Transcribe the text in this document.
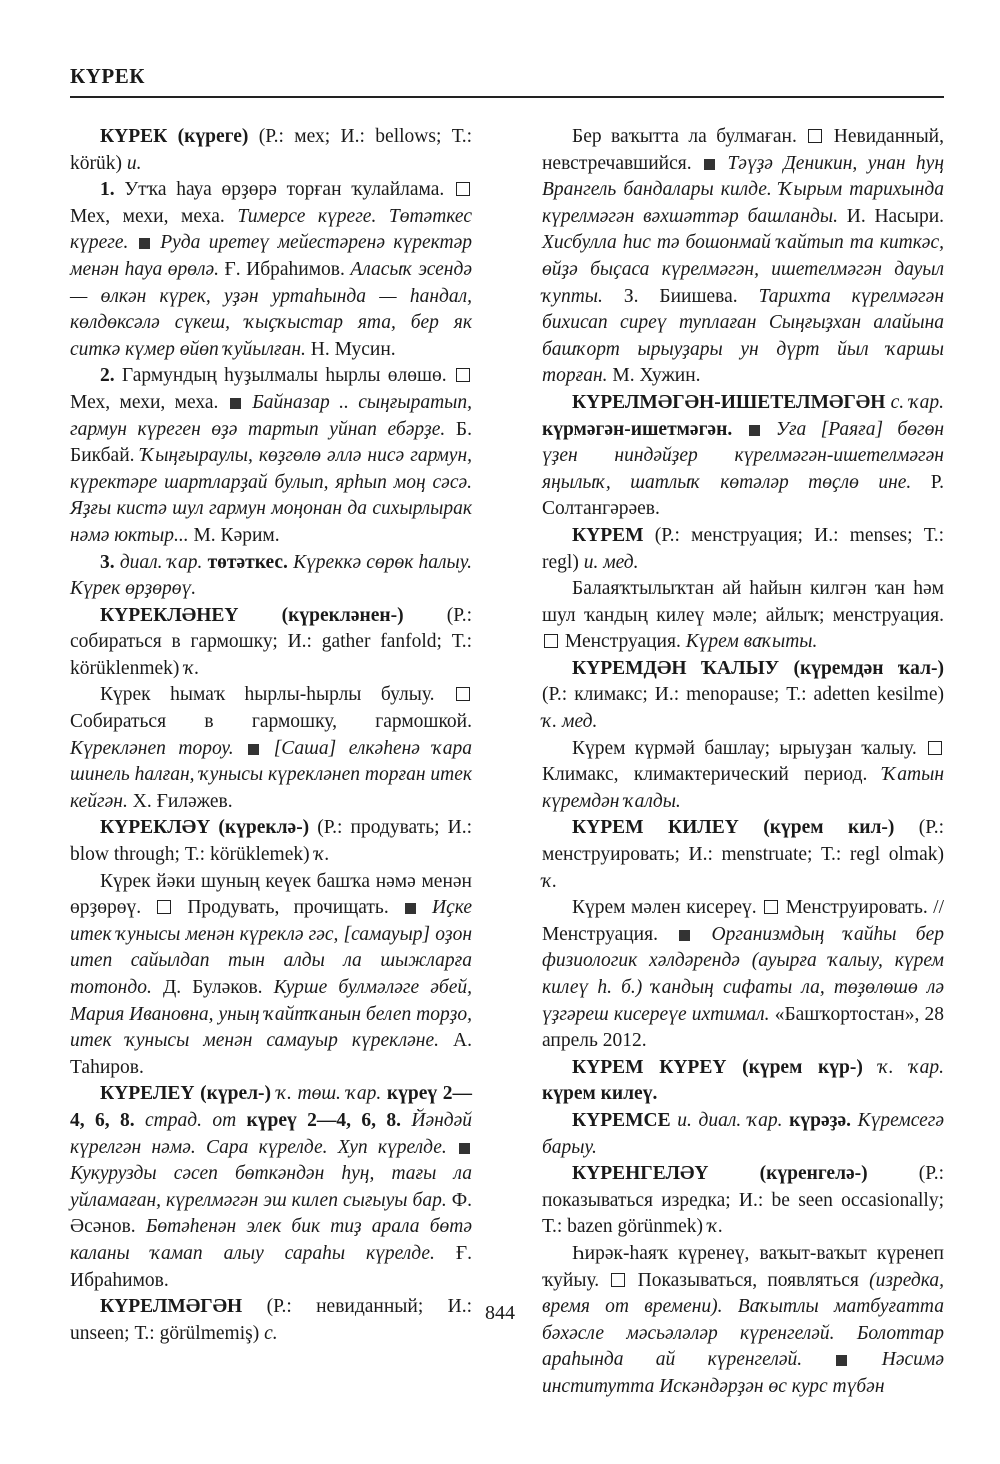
КҮРЕК

КҮРЕК (күреге) (Р.: мех; И.: bellows; Т.: körük) и.

1. Утҡа һауа өрҙөрә торған ҡулайлама.  Мех, мехи, меха. Тимерсе күреге. Төтәткес күреге. Руда иретеү мейестәренә күректәр менән һауа өрөлә. Ғ. Ибраһимов. Аласыҡ эсендә — өлкән күрек, уҙән уртаһында — һандал, көлдөксәлә сүкеш, ҡыҫҡыстар ята, бер як ситкә күмер өйөп ҡуйылған. Н. Мусин.

2. Гармундың һуҙылмалы һырлы өлөшө.  Мех, мехи, меха.  Байназар .. сыңғыратып, гармун күреген өҙә тартып уйнап ебәрҙе. Б. Бикбай. Ҡыңғыраулы, көҙгөлө әллә нисә гармун, күректәре шартларҙай булып, ярһып моң сәсә. Яҙғы кистә шул гармун моңонан да сихырлырак нәмә юктыр... М. Кәрим.

3. диал. ҡар. төтәткес. Күреккә сөрөк һалыу. Күрек өрҙөрөү.

КҮРЕКЛӘНЕҮ (күрекләнен-) (Р.: собираться в гармошку; И.: gather fanfold; Т.: körüklenmek) ҡ.

Күрек һымаҡ һырлы-һырлы булыу.  Собираться в гармошку, гармошкой. Күрекләнеп тороу. [Саша] елкәһенә ҡара шинель һалған, ҡунысы күрекләнеп торған итек кейгән. Х. Ғиләжев.

КҮРЕКЛӘҮ (күреклә-) (Р.: продувать; И.: blow through; Т.: körüklemek) ҡ.

Күрек йәки шуның кеүек башҡа нәмә менән өрҙөрөү.  Продувать, прочищать.  Иҫке итек ҡунысы менән күреклә гәс, [самауыр] оҙон итеп сайылдап тын алды ла шыжларға тотондо. Д. Буләков. Курше булмәләге әбей, Мария Ивановна, уның ҡайтҡанын белеп торҙо, итек ҡунысы менән самауыр күрекләне. А. Таһиров.

КҮРЕЛЕҮ (күрел-) ҡ. төш. ҡар. күреү 2—4, 6, 8. страд. от күреү 2—4, 6, 8. Йәндәй күрелгән нәмә. Сара күрелде. Хуп күрелде.  Кукурузды сәсеп бөткәндән һуң, тағы ла уйламаған, күрелмәгән эш килеп сығыуы бар. Ф. Әсәнов. Бөтәһенән элек бик тиҙ арала бөтә каланы ҡамап алыу сараһы күрелде. Ғ. Ибраһимов.

КҮРЕЛМӘГӘН (Р.: невиданный; И.: unseen; Т.: görülmemiş) с.

Бер ваҡытта ла булмаған.  Невиданный, невстречавшийся.  Тәүҙә Деникин, унан һуң Врангель бандалары килде. Ҡырым тарихында күрелмәгән вәхшәттәр башланды. И. Насыри. Хисбулла һис тә бошонмай ҡайтып та киткәс, өйҙә быҫаса күрелмәгән, ишетелмәгән дауыл ҡупты. З. Биишева. Тарихта күрелмәгән бихисап сиреү туплаған Сыңғыҙхан алайына башҡорт ырыуҙары ун дүрт йыл ҡаршы торған. М. Хужин.

КҮРЕЛМӘГӘН-ИШЕТЕЛМӘГӘН с. ҡар. күрмәгән-ишетмәгән. Уға [Раяға] бөгөн үҙен ниндәйҙер күрелмәгән-ишетелмәгән яңылыҡ, шатлыҡ көтәләр төҫлө ине. Р. Солтангәрәев.

КҮРЕМ (Р.: менструация; И.: menses; Т.: regl) и. мед.

Балаяҡтылыҡтан ай һайын килгән ҡан һәм шул ҡандың килеү мәле; айлыҡ; менструация.  Менструация. Күрем ваҡыты.

КҮРЕМДӘН ҠАЛЫУ (күремдән ҡал-) (Р.: климакс; И.: menopause; Т.: adetten kesilme) ҡ. мед.

Күрем күрмәй башлау; ырыуҙан ҡалыу.  Климакс, климактерический период. Ҡатын күремдән ҡалды.

КҮРЕМ КИЛЕҮ (күрем кил-) (Р.: менструировать; И.: menstruate; Т.: regl olmak) ҡ.

Күрем мәлен кисереү.  Менструировать. // Менструация.  Организмдың ҡайһы бер физиологик хәлдәрендә (ауырға ҡалыу, күрем килеү һ. б.) ҡандың сифаты ла, төҙөлөшө лә үҙгәреш кисереүе ихтимал. «Башҡортостан», 28 апрель 2012.

КҮРЕМ КҮРЕҮ (күрем күр-) ҡ. ҡар. күрем килеү.

КҮРЕМСЕ и. диал. ҡар. күрәҙә. Күремсегә барыу.

КҮРЕНГЕЛӘҮ (күренгелә-) (Р.: показываться изредка; И.: be seen occasionally; Т.: bazen görünmek) ҡ.

Һирәк-һаяҡ күренеү, ваҡыт-ваҡыт күренеп ҡуйыу.  Показываться, появляться (изредка, время от времени). Ваҡытлы матбуғатта бәхәсле мәсьәләләр күренгеләй. Болоттар араһында ай күренгеләй.	Нәсимә институтта Искәндәрҙән өс курс түбән

844
